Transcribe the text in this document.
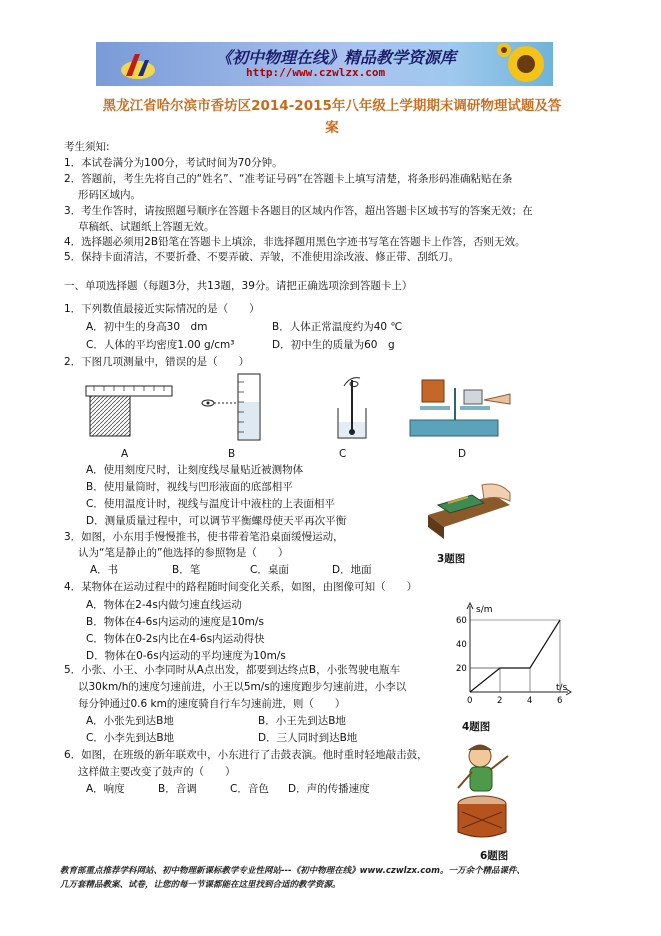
《初中物理在线》精品教学资源库
http://www.czwlzx.com
黑龙江省哈尔滨市香坊区2014-2015年八年级上学期期末调研物理试题及答
案
考生须知:
1．本试卷满分为100分，考试时间为70分钟。
2．答题前，考生先将自己的“姓名”、“准考证号码”在答题卡上填写清楚，将条形码准确粘贴在条
形码区域内。
3．考生作答时，请按照题号顺序在答题卡各题目的区域内作答，超出答题卡区域书写的答案无效；在
草稿纸、试题纸上答题无效。
4．选择题必须用2B铅笔在答题卡上填涂，非选择题用黑色字迹书写笔在答题卡上作答，否则无效。
5．保持卡面清洁，不要折叠、不要弄破、弄皱，不准使用涂改液、修正带、刮纸刀。
一、单项选择题（每题3分，共13题，39分。请把正确选项涂到答题卡上）
1．下列数值最接近实际情况的是（　　）
A．初中生的身高30　dm	B．人体正常温度约为40 ℃
C．人体的平均密度1.00 g/cm³	D．初中生的质量为60　g
2．下图几项测量中，错误的是（　　）
A	B	C	D
A．使用刻度尺时，让刻度线尽量贴近被测物体
B．使用量筒时，视线与凹形液面的底部相平
C．使用温度计时，视线与温度计中液柱的上表面相平
D．测量质量过程中，可以调节平衡螺母使天平再次平衡
3题图
3．如图，小东用手慢慢推书，使书带着笔沿桌面缓慢运动，
认为“笔是静止的”他选择的参照物是（　　）
A．书	B．笔	C．桌面	D．地面
4．某物体在运动过程中的路程随时间变化关系，如图，由图像可知（　　）
A．物体在2-4s内做匀速直线运动
B．物体在4-6s内运动的速度是10m/s
C．物体在0-2s内比在4-6s内运动得快
D．物体在0-6s内运动的平均速度为10m/s
s/m
t/s
0	2	4	6
20
40
60
4题图
5．小张、小王、小李同时从A点出发，都要到达终点B，小张驾驶电瓶车
以30km/h的速度匀速前进，小王以5m/s的速度跑步匀速前进，小李以
每分钟通过0.6 km的速度骑自行车匀速前进，则（　　）
A．小张先到达B地	B．小王先到达B地
C．小李先到达B地	D．三人同时到达B地
6．如图，在班级的新年联欢中，小东进行了击鼓表演。他时重时轻地敲击鼓，
这样做主要改变了鼓声的（　　）
A．响度	B．音调	C．音色 D．声的传播速度
6题图
教育部重点推荐学科网站、初中物理新课标教学专业性网站---《初中物理在线》www.czwlzx.com。一万余个精品课件、
几万套精品教案、试卷，让您的每一节课都能在这里找到合适的教学资源。
